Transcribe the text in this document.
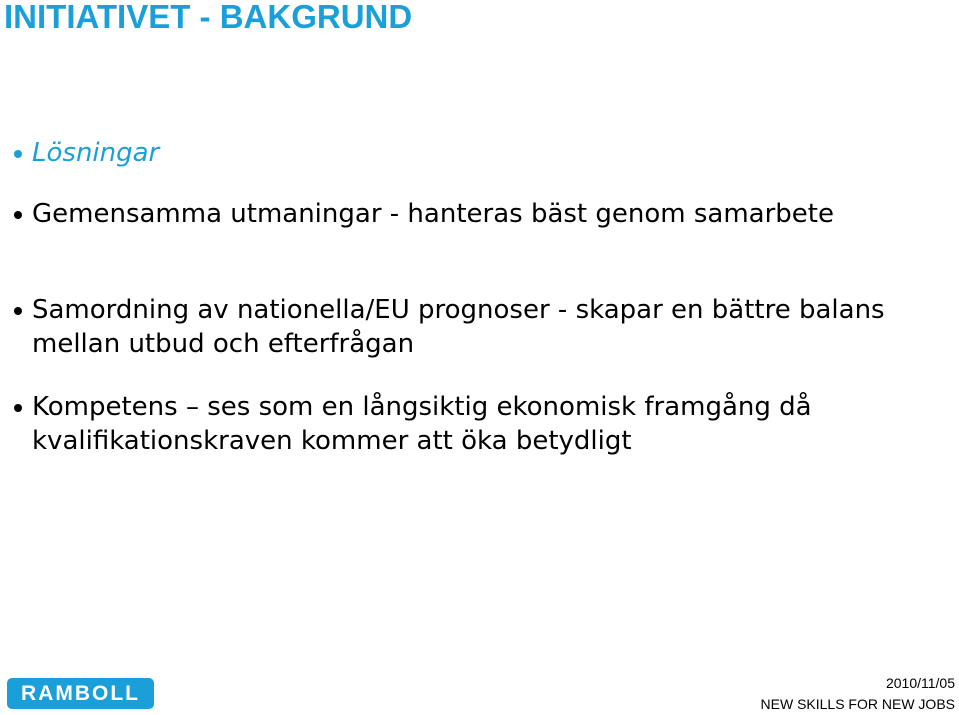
INITIATIVET - BAKGRUND
Lösningar
Gemensamma utmaningar - hanteras bäst genom samarbete
Samordning av nationella/EU prognoser - skapar en bättre balans mellan utbud och efterfrågan
Kompetens – ses som en långsiktig ekonomisk framgång då kvalifikationskraven kommer att öka betydligt
RAMBOLL	2010/11/05
NEW SKILLS FOR NEW JOBS
